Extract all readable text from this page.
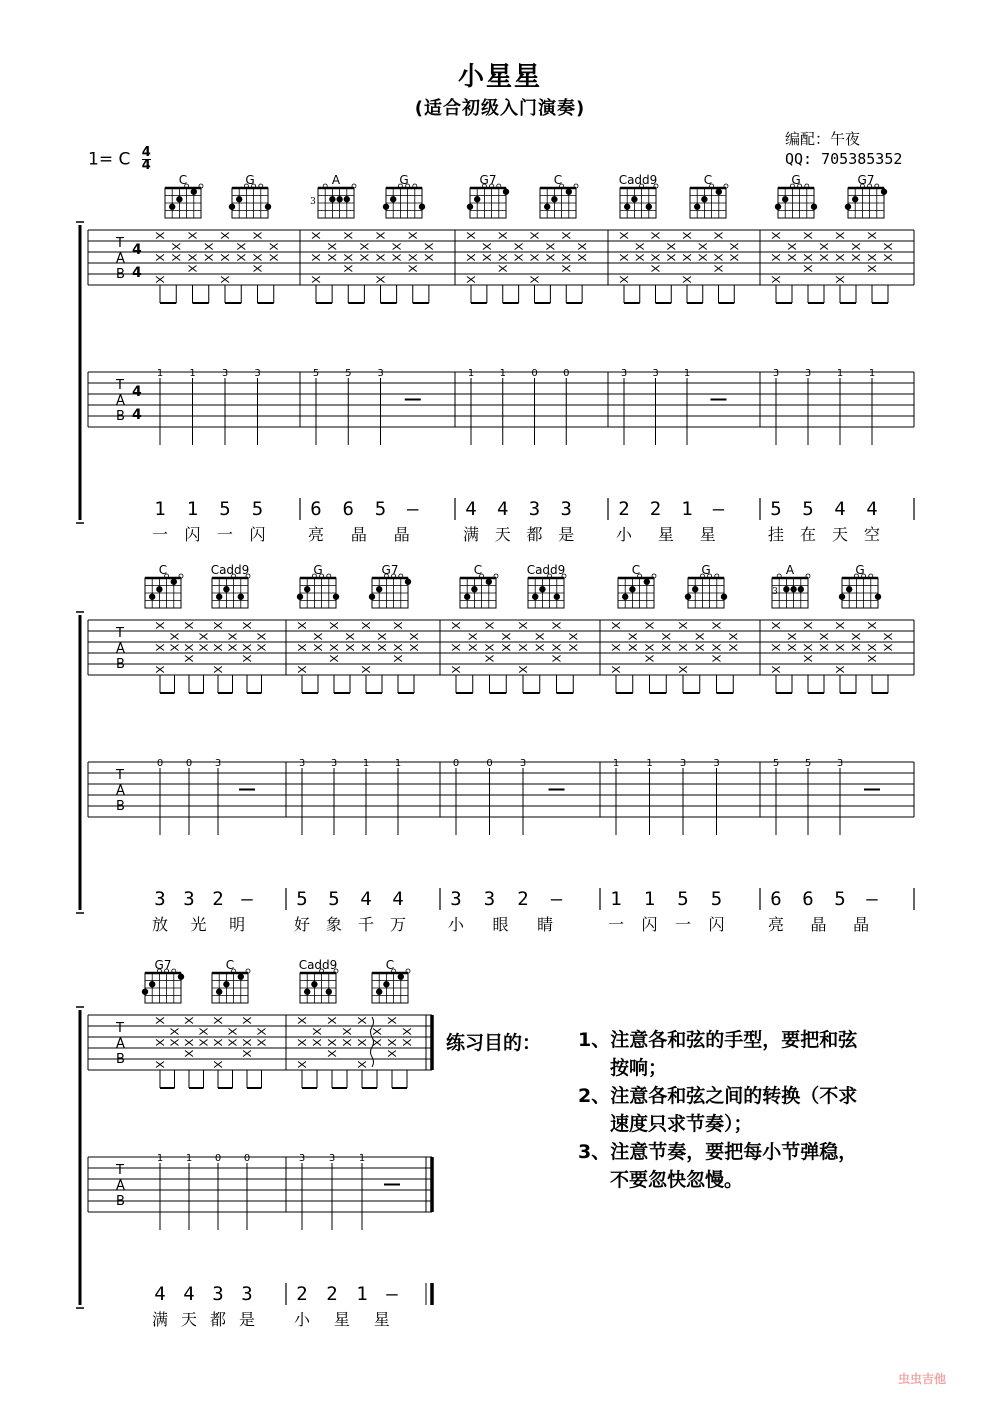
小星星
(适合初级入门演奏)
1= C $\frac{4}{4}$
编配：午夜
QQ: 705385352
C	G	A	G	G7	C	Cadd9	C	G	G7
3
T
A
B
4
4
T
A
B
4
4
1	1	3	3	5	5	3	1	1	0	0	3	3	1	3	3	1	1
1 1 5 5
一 闪 一 闪
6 6 5 —
亮 晶 晶
4 4 3 3
满 天 都 是
2 2 1 —
小 星 星
5 5 4 4
挂 在 天 空
C	Cadd9	G	G7	C	Cadd9	C	G	A	G
3
T
A
B
T
A
B
0 0 3	3	3	1	1	0	0	3	1	1	3	3	5	5	3
3 3 2 —
放 光 明
5 5 4 4
好 象 千 万
3 3 2 —
小 眼 睛
1 1 5 5
一 闪 一 闪
6 6 5 —
亮 晶 晶
G7	C	Cadd9	C
T
A
B
T
A
B
1 1 0 0	3 3 1
4 4 3 3
满 天 都 是
2 2 1 —
小 星 星
练习目的： 1、注意各和弦的手型，要把和弦
按响；
2、注意各和弦之间的转换（不求
速度只求节奏）；
3、注意节奏，要把每小节弹稳，
不要忽快忽慢。
虫虫吉他
